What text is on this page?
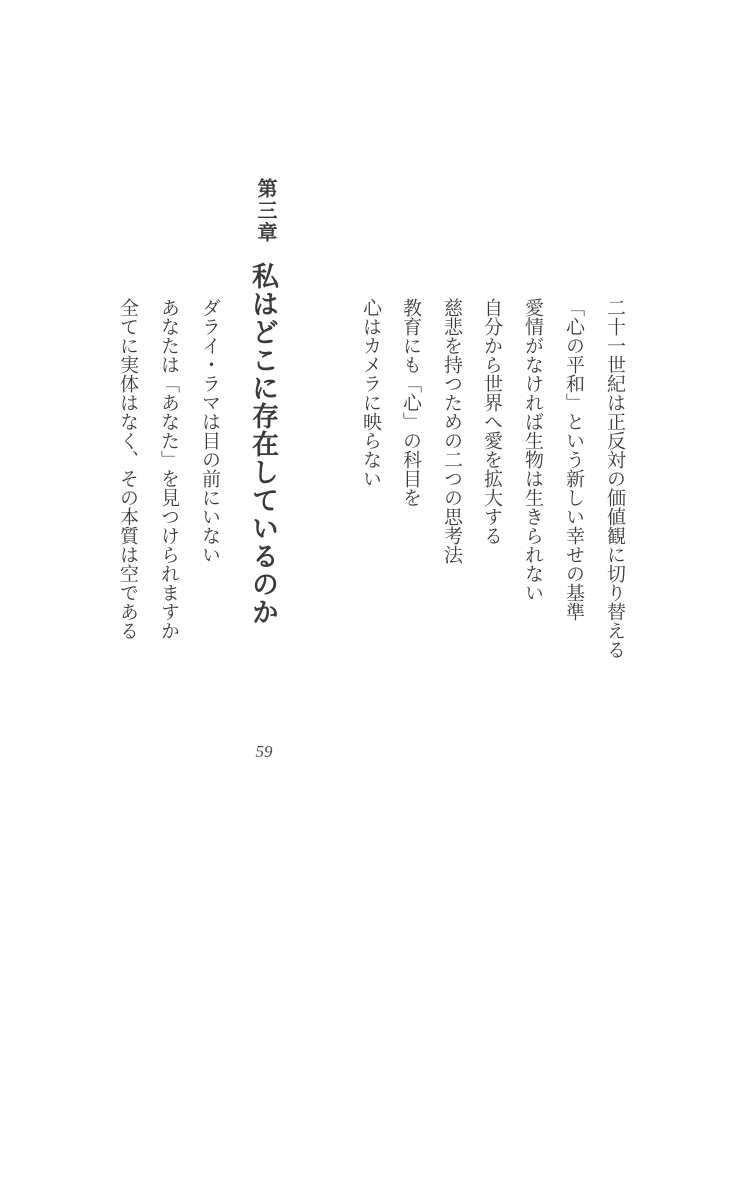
二十一世紀は正反対の価値観に切り替える
「心の平和」という新しい幸せの基準
愛情がなければ生物は生きられない
自分から世界へ愛を拡大する
慈悲を持つための二つの思考法
教育にも「心」の科目を
心はカメラに映らない
第三章
私はどこに存在しているのか
ダライ・ラマは目の前にいない
あなたは「あなた」を見つけられますか
全てに実体はなく、その本質は空である
59
